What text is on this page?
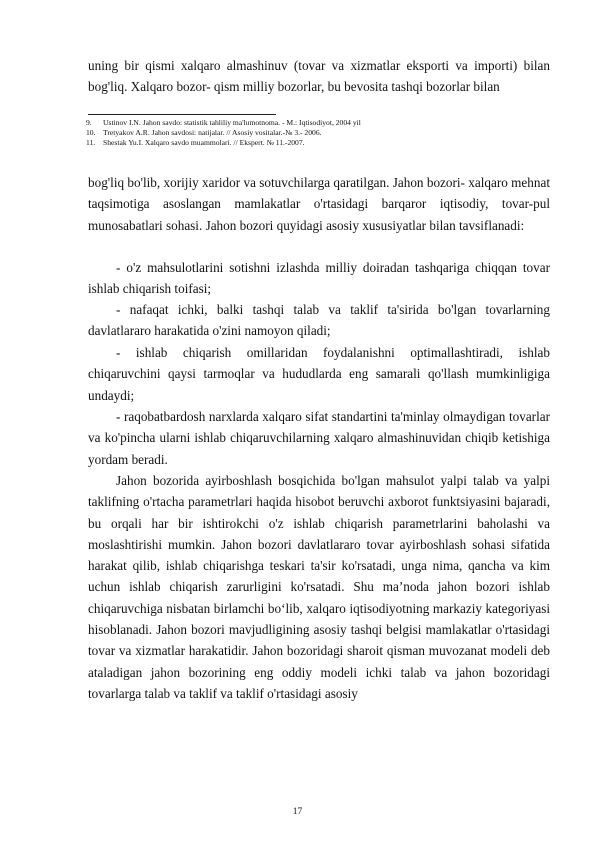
uning bir qismi xalqaro almashinuv (tovar va xizmatlar eksporti va importi) bilan bog'liq. Xalqaro bozor- qism milliy bozorlar, bu bevosita tashqi bozorlar bilan

9. Ustinov I.N. Jahon savdo: statistik tahliliy ma'lumotnoma. - M.: Iqtisodiyot, 2004 yil
10. Tretyakov A.R. Jahon savdosi: natijalar. // Asosiy vositalar.-№ 3.- 2006.
11. Shestak Yu.I. Xalqaro savdo muammolari. // Ekspert. № 11.-2007.

bog'liq bo'lib, xorijiy xaridor va sotuvchilarga qaratilgan. Jahon bozori- xalqaro mehnat taqsimotiga asoslangan mamlakatlar o'rtasidagi barqaror iqtisodiy, tovar-pul munosabatlari sohasi. Jahon bozori quyidagi asosiy xususiyatlar bilan tavsiflanadi:

- o'z mahsulotlarini sotishni izlashda milliy doiradan tashqariga chiqqan tovar ishlab chiqarish toifasi;

- nafaqat ichki, balki tashqi talab va taklif ta'sirida bo'lgan tovarlarning davlatlararo harakatida o'zini namoyon qiladi;

- ishlab chiqarish omillaridan foydalanishni optimallashtiradi, ishlab chiqaruvchini qaysi tarmoqlar va hududlarda eng samarali qo'llash mumkinligiga undaydi;

- raqobatbardosh narxlarda xalqaro sifat standartini ta'minlay olmaydigan tovarlar va ko'pincha ularni ishlab chiqaruvchilarning xalqaro almashinuvidan chiqib ketishiga yordam beradi.

Jahon bozorida ayirboshlash bosqichida bo'lgan mahsulot yalpi talab va yalpi taklifning o'rtacha parametrlari haqida hisobot beruvchi axborot funktsiyasini bajaradi, bu orqali har bir ishtirokchi o'z ishlab chiqarish parametrlarini baholashi va moslashtirishi mumkin. Jahon bozori davlatlararo tovar ayirboshlash sohasi sifatida harakat qilib, ishlab chiqarishga teskari ta'sir ko'rsatadi, unga nima, qancha va kim uchun ishlab chiqarish zarurligini ko'rsatadi. Shu ma’noda jahon bozori ishlab chiqaruvchiga nisbatan birlamchi bo‘lib, xalqaro iqtisodiyotning markaziy kategoriyasi hisoblanadi. Jahon bozori mavjudligining asosiy tashqi belgisi mamlakatlar o'rtasidagi tovar va xizmatlar harakatidir. Jahon bozoridagi sharoit qisman muvozanat modeli deb ataladigan jahon bozorining eng oddiy modeli ichki talab va jahon bozoridagi tovarlarga talab va taklif va taklif o'rtasidagi asosiy

17
